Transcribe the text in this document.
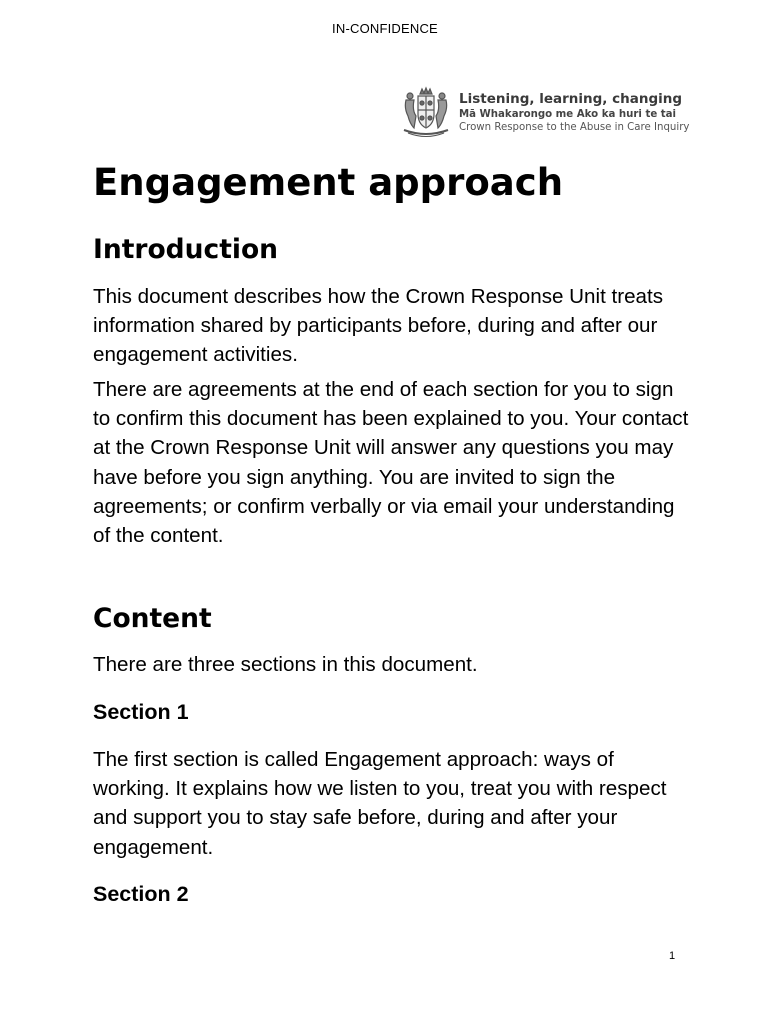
IN-CONFIDENCE
Listening, learning, changing
Mā Whakarongo me Ako ka huri te tai
Crown Response to the Abuse in Care Inquiry
Engagement approach
Introduction

This document describes how the Crown Response Unit treats information shared by participants before, during and after our engagement activities.

There are agreements at the end of each section for you to sign to confirm this document has been explained to you. Your contact at the Crown Response Unit will answer any questions you may have before you sign anything. You are invited to sign the agreements; or confirm verbally or via email your understanding of the content.

Content

There are three sections in this document.

Section 1

The first section is called Engagement approach: ways of working. It explains how we listen to you, treat you with respect and support you to stay safe before, during and after your engagement.

Section 2
1
